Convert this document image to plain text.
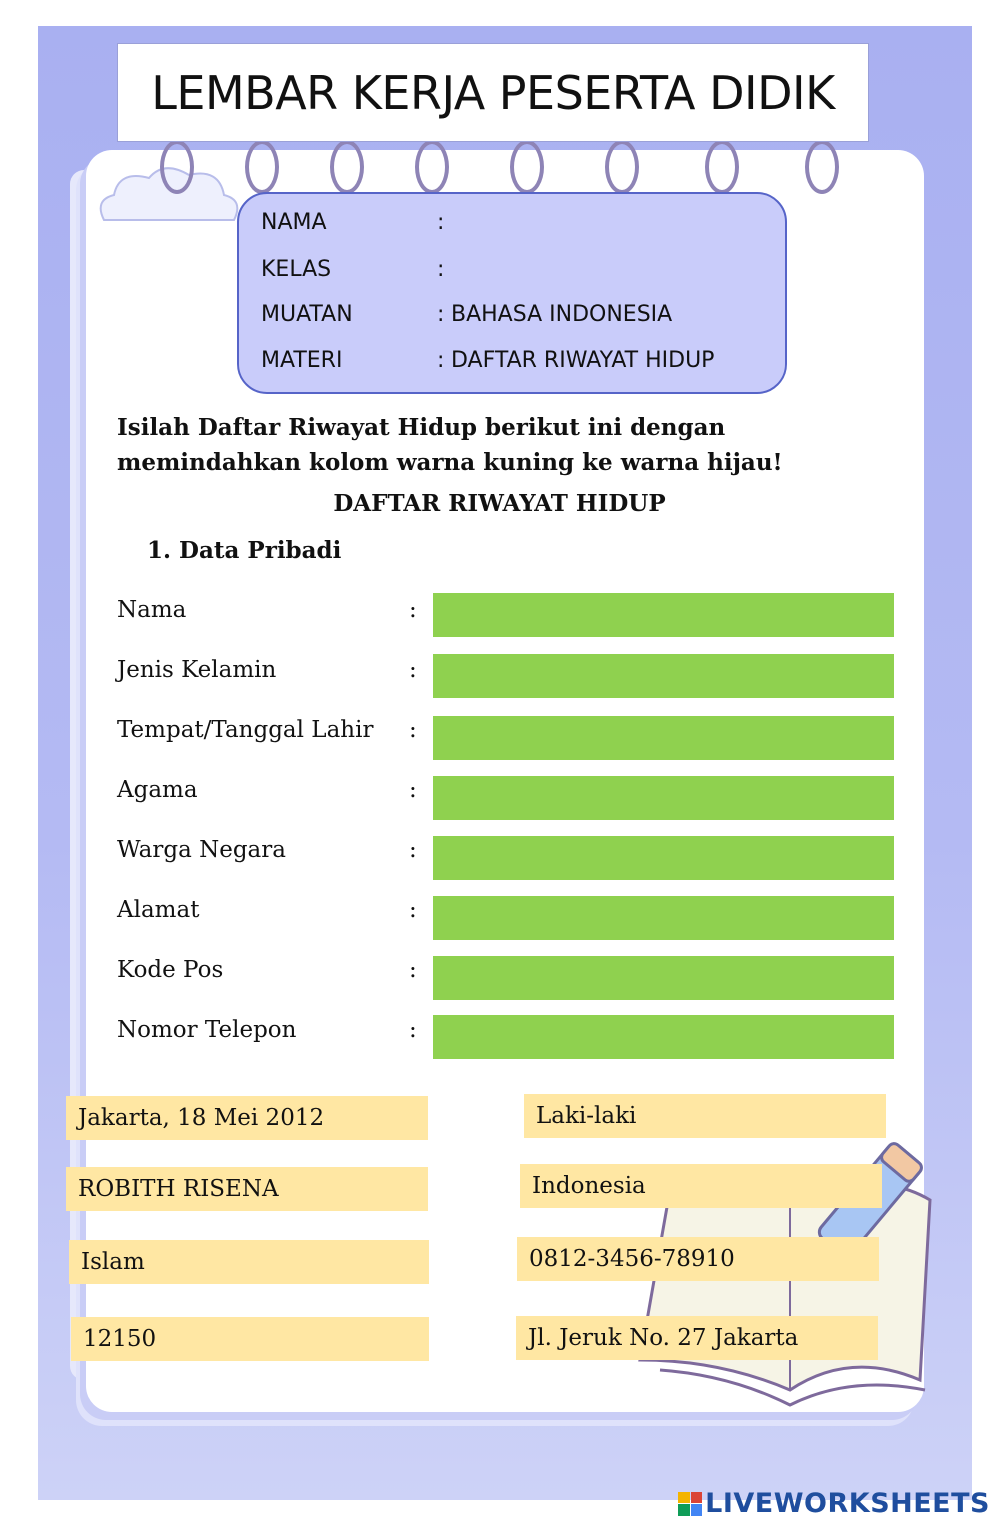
LEMBAR KERJA PESERTA DIDIK
NAMA	:
KELAS	:
MUATAN	: BAHASA INDONESIA
MATERI	: DAFTAR RIWAYAT HIDUP
Isilah Daftar Riwayat Hidup berikut ini dengan
memindahkan kolom warna kuning ke warna hijau!
DAFTAR RIWAYAT HIDUP
1. Data Pribadi
Nama	:
Jenis Kelamin	:
Tempat/Tanggal Lahir :
Agama	:
Warga Negara	:
Alamat	:
Kode Pos	:
Nomor Telepon	:
Jakarta, 18 Mei 2012	Laki-laki
ROBITH RISENA	Indonesia
Islam	0812-3456-78910
12150	Jl. Jeruk No. 27 Jakarta
LIVEWORKSHEETS
